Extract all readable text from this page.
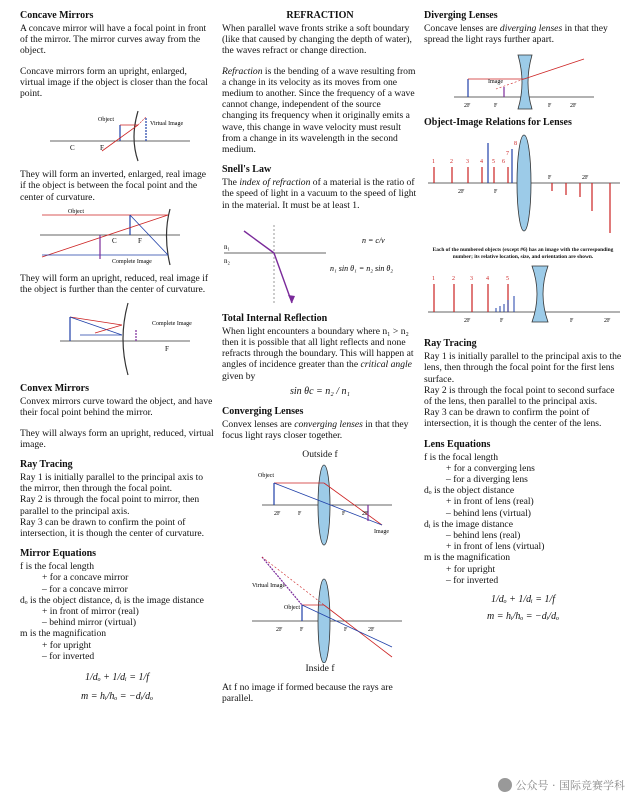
Concave Mirrors

A concave mirror will have a focal point in front of the mirror. The mirror curves away from the object.

Concave mirrors form an upright, enlarged, virtual image if the object is closer than the focal point.

Object
Virtual Image
C	F

They will form an inverted, enlarged, real image if the object is between the focal point and the center of curvature.

Object
C	F
Complete Image

They will form an upright, reduced, real image if the object is further than the center of curvature.

Complete Image
F
Convex Mirrors

Convex mirrors curve toward the object, and have their focal point behind the mirror.

They will always form an upright, reduced, virtual image.

Ray Tracing

Ray 1 is initially parallel to the principal axis to the mirror, then through the focal point.

Ray 2 is through the focal point to mirror, then parallel to the principal axis.

Ray 3 can be drawn to confirm the point of intersection, it is though the center of curvature.

Mirror Equations

f is the focal length

+ for a concave mirror

– for a concave mirror

dₒ is the object distance, dᵢ is the image distance

+ in front of mirror (real)

– behind mirror (virtual)

m is the magnification

+ for upright

– for inverted

1/dₒ + 1/dᵢ = 1/f

m = hᵢ/hₒ = −dᵢ/dₒ

REFRACTION

When parallel wave fronts strike a soft boundary (like that caused by changing the depth of water), the waves refract or change direction.

Refraction is the bending of a wave resulting from a change in its velocity as its moves from one medium to another. Since the frequency of a wave cannot change, independent of the source changing its frequency when it originally emits a wave, this change in wave velocity must result from a change in its wavelength in the second medium.

Snell's Law

The index of refraction of a material is the ratio of the speed of light in a vacuum to the speed of light in the material. It must be at least 1.

n₁
n₂
n = c/v
n₁ sin θ₁ = n₂ sin θ₂
Total Internal Reflection

When light encounters a boundary where n₁ > n₂ then it is possible that all light reflects and none refracts through the boundary. This will happen at angles of incidence greater than the critical angle given by

sin θc = n₂ / n₁

Converging Lenses

Convex lenses are converging lenses in that they focus light rays closer together.

Outside f

Object
2F	F	F	2F
Image
Virtual Image
Object
2F	F	F	2F

Inside f

At f no image if formed because the rays are parallel.

Diverging Lenses

Concave lenses are diverging lenses in that they spread the light rays further apart.

Image
2F	F	F	2F
Object-Image Relations for Lenses
1	2 3 4 5 6
7
8
2F	F
F	2F

Each of the numbered objects (except #6) has an image with the corresponding number; its relative location, size, and orientation are shown.

1	2	3 4	5
2F	F	F	2F
Ray Tracing

Ray 1 is initially parallel to the principal axis to the lens, then through the focal point for the first lens surface.

Ray 2 is through the focal point to second surface of the lens, then parallel to the principal axis.

Ray 3 can be drawn to confirm the point of intersection, it is though the center of the lens.

Lens Equations

f is the focal length

+ for a converging lens

– for a diverging lens

dₒ is the object distance

+ in front of lens (real)

– behind lens (virtual)

dᵢ is the image distance

– behind lens (real)

+ in front of lens (virtual)

m is the magnification

+ for upright

– for inverted

1/dₒ + 1/dᵢ = 1/f

m = hᵢ/hₒ = −dᵢ/dₒ

公众号 · 国际竞赛学科
